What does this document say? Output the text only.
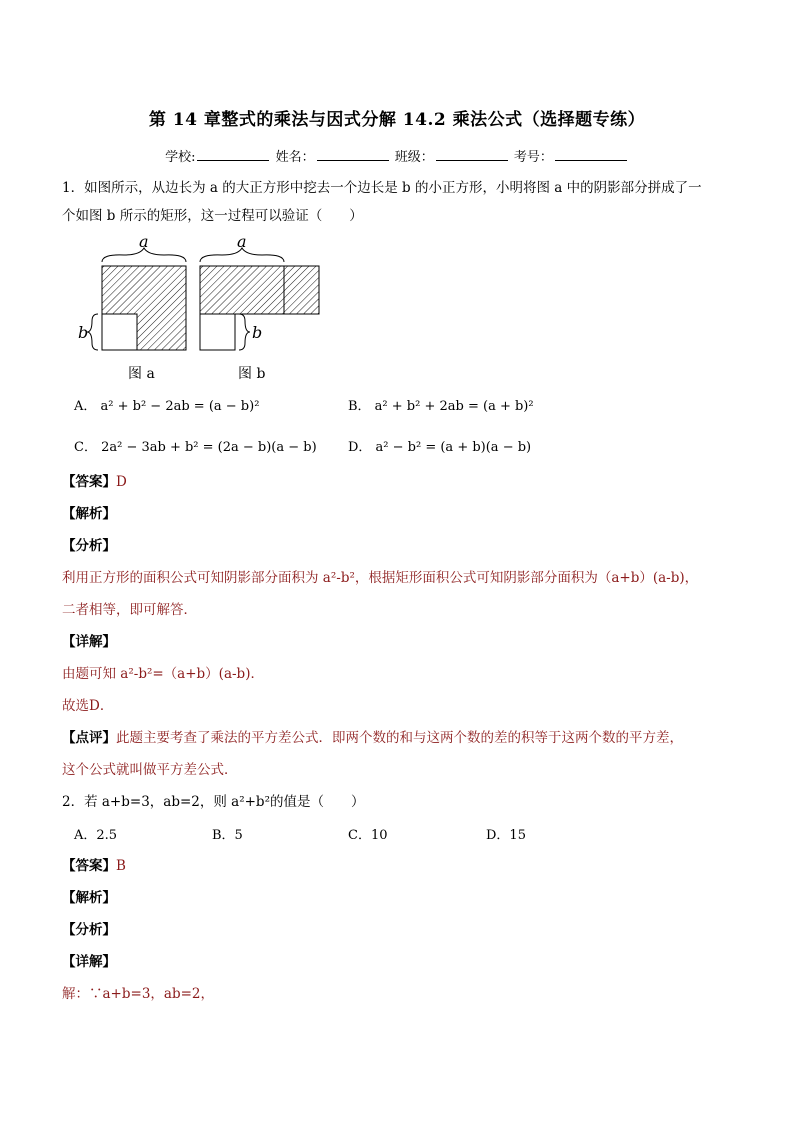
第 14 章整式的乘法与因式分解 14.2 乘法公式（选择题专练）
学校:	姓名：	班级：	考号：
1．如图所示，从边长为 a 的大正方形中挖去一个边长是 b 的小正方形，小明将图 a 中的阴影部分拼成了一
个如图 b 所示的矩形，这一过程可以验证（　　）
a	a
b	b
图 a	图 b
A． a² + b² − 2ab = (a − b)²	B． a² + b² + 2ab = (a + b)²
C． 2a² − 3ab + b² = (2a − b)(a − b) D． a² − b² = (a + b)(a − b)
【答案】D
【解析】
【分析】
利用正方形的面积公式可知阴影部分面积为 a²-b²，根据矩形面积公式可知阴影部分面积为（a+b）(a-b)，
二者相等，即可解答．
【详解】
由题可知 a²-b²=（a+b）(a-b)．
故选D．
【点评】此题主要考查了乘法的平方差公式．即两个数的和与这两个数的差的积等于这两个数的平方差，
这个公式就叫做平方差公式．
2．若 a+b=3，ab=2，则 a²+b²的值是（　　）
A．2.5	B．5	C．10	D．15
【答案】B
【解析】
【分析】
【详解】
解：∵a+b=3，ab=2，
